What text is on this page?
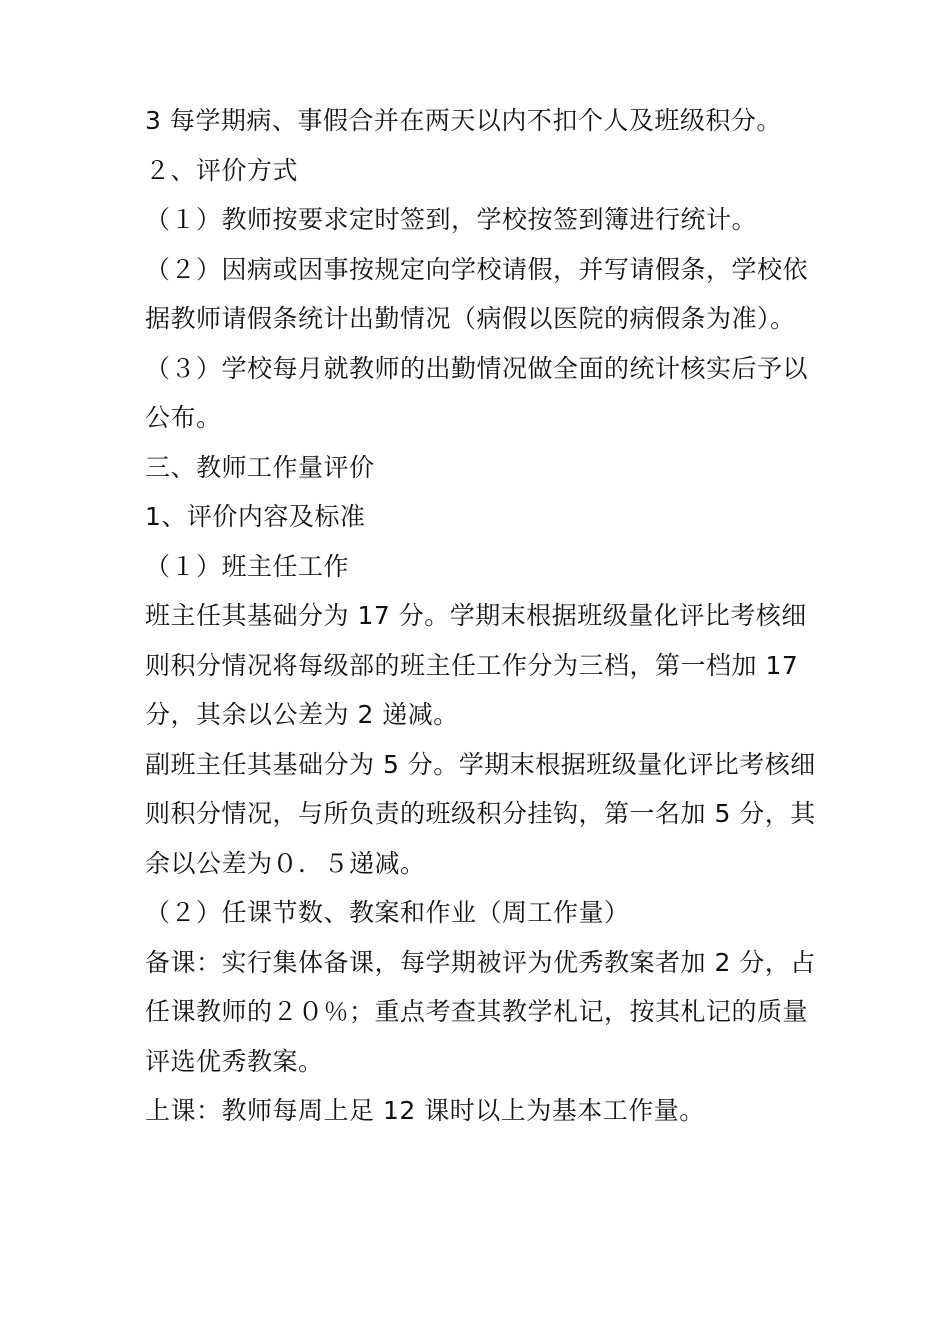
3 每学期病、事假合并在两天以内不扣个人及班级积分。
２、评价方式
（１）教师按要求定时签到，学校按签到簿进行统计。
（２）因病或因事按规定向学校请假，并写请假条，学校依
据教师请假条统计出勤情况（病假以医院的病假条为准）。
（３）学校每月就教师的出勤情况做全面的统计核实后予以
公布。
三、教师工作量评价
1、评价内容及标准
（１）班主任工作
班主任其基础分为 17 分。学期末根据班级量化评比考核细
则积分情况将每级部的班主任工作分为三档，第一档加 17
分，其余以公差为 2 递减。
副班主任其基础分为 5 分。学期末根据班级量化评比考核细
则积分情况，与所负责的班级积分挂钩，第一名加 5 分，其
余以公差为０．５递减。
（２）任课节数、教案和作业（周工作量）
备课：实行集体备课，每学期被评为优秀教案者加 2 分，占
任课教师的２０％；重点考查其教学札记，按其札记的质量
评选优秀教案。
上课：教师每周上足 12 课时以上为基本工作量。
